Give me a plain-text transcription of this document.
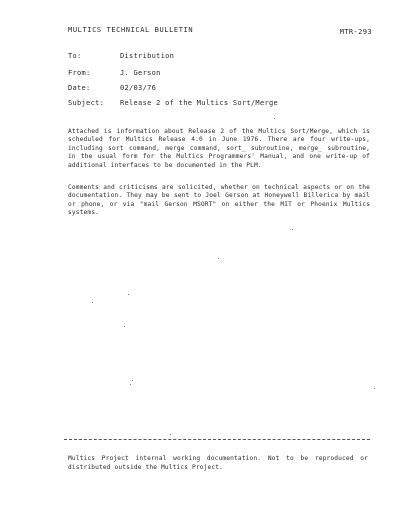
MULTICS TECHNICAL BULLETIN	MTR-293
To:	Distribution
From:	J. Gerson
Date:	02/03/76
Subject: Release 2 of the Multics Sort/Merge

Attached is information about Release 2 of the Multics Sort/Merge, which is scheduled for Multics Release 4.0 in June 1976. There are four write-ups, including sort command, merge command, sort_ subroutine, merge_ subroutine, in the usual form for the Multics Programmers' Manual, and one write-up of additional interfaces to be documented in the PLM.

Comments and criticisms are solicited, whether on technical aspects or on the documentation. They may be sent to Joel Gerson at Honeywell Billerica by mail or phone, or via "mail Gerson MSORT" on either the MIT or Phoenix Multics systems.

Multics Project internal working documentation. Not to be reproduced or distributed outside the Multics Project.
